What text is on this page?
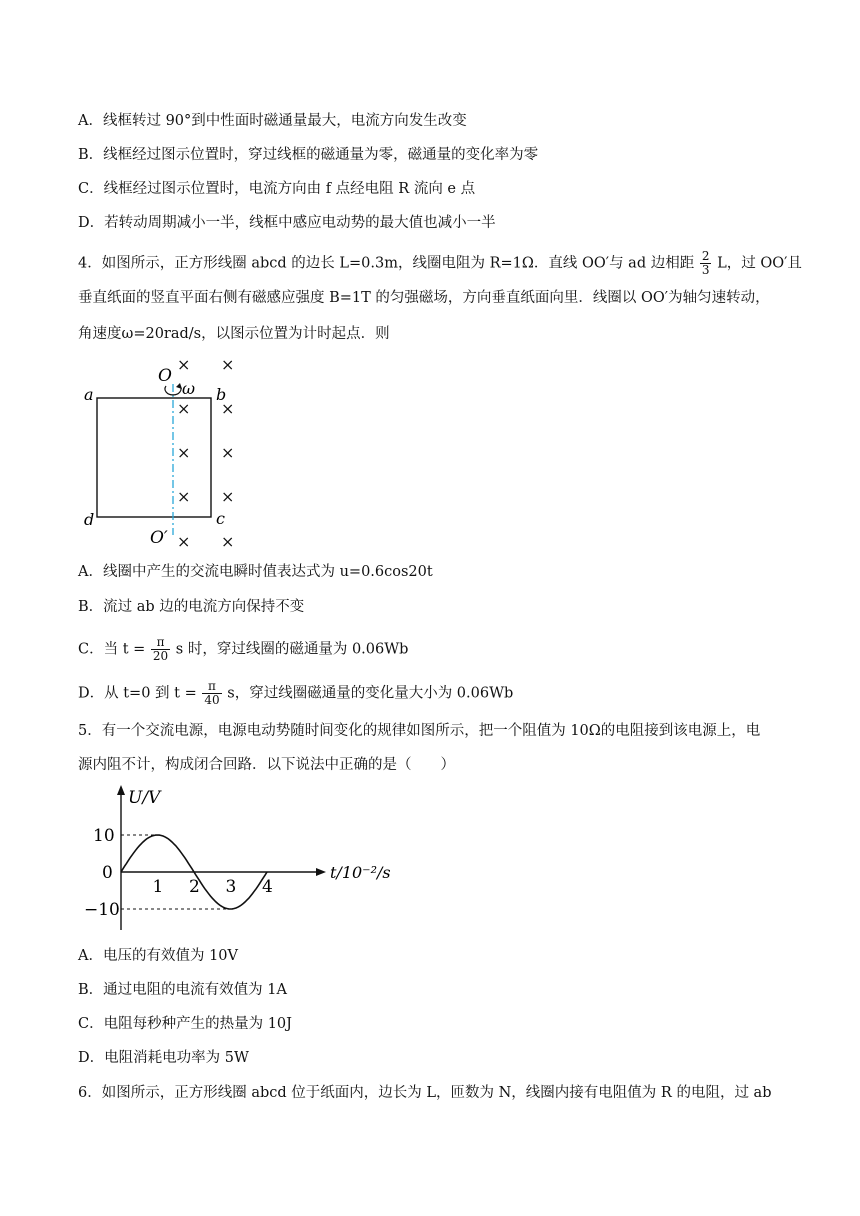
A．线框转过 90°到中性面时磁通量最大，电流方向发生改变
B．线框经过图示位置时，穿过线框的磁通量为零，磁通量的变化率为零
C．线框经过图示位置时，电流方向由 f 点经电阻 R 流向 e 点
D．若转动周期减小一半，线框中感应电动势的最大值也减小一半
4．如图所示，正方形线圈 abcd 的边长 L=0.3m，线圈电阻为 R=1Ω．直线 OO′与 ad 边相距 $\frac{2}{3}$ L，过 OO′且
垂直纸面的竖直平面右侧有磁感应强度 B=1T 的匀强磁场，方向垂直纸面向里．线圈以 OO′为轴匀速转动，
角速度ω=20rad/s，以图示位置为计时起点．则
O
ω
a	b
c
d
O′
× ×
× ×
× ×
× ×
× ×
A．线圈中产生的交流电瞬时值表达式为 u=0.6cos20t
B．流过 ab 边的电流方向保持不变
C．当 $t = \frac{\pi}{20}$ s 时，穿过线圈的磁通量为 0.06Wb
D．从 t=0 到 $t = \frac{\pi}{40}$ s，穿过线圈磁通量的变化量大小为 0.06Wb
5．有一个交流电源，电源电动势随时间变化的规律如图所示，把一个阻值为 10Ω的电阻接到该电源上，电
源内阻不计，构成闭合回路．以下说法中正确的是（　　）
U/V
t/10⁻²/s
1 2 3 4
10
0
−10
A．电压的有效值为 10V
B．通过电阻的电流有效值为 1A
C．电阻每秒种产生的热量为 10J
D．电阻消耗电功率为 5W
6．如图所示，正方形线圈 abcd 位于纸面内，边长为 L，匝数为 N，线圈内接有电阻值为 R 的电阻，过 ab
